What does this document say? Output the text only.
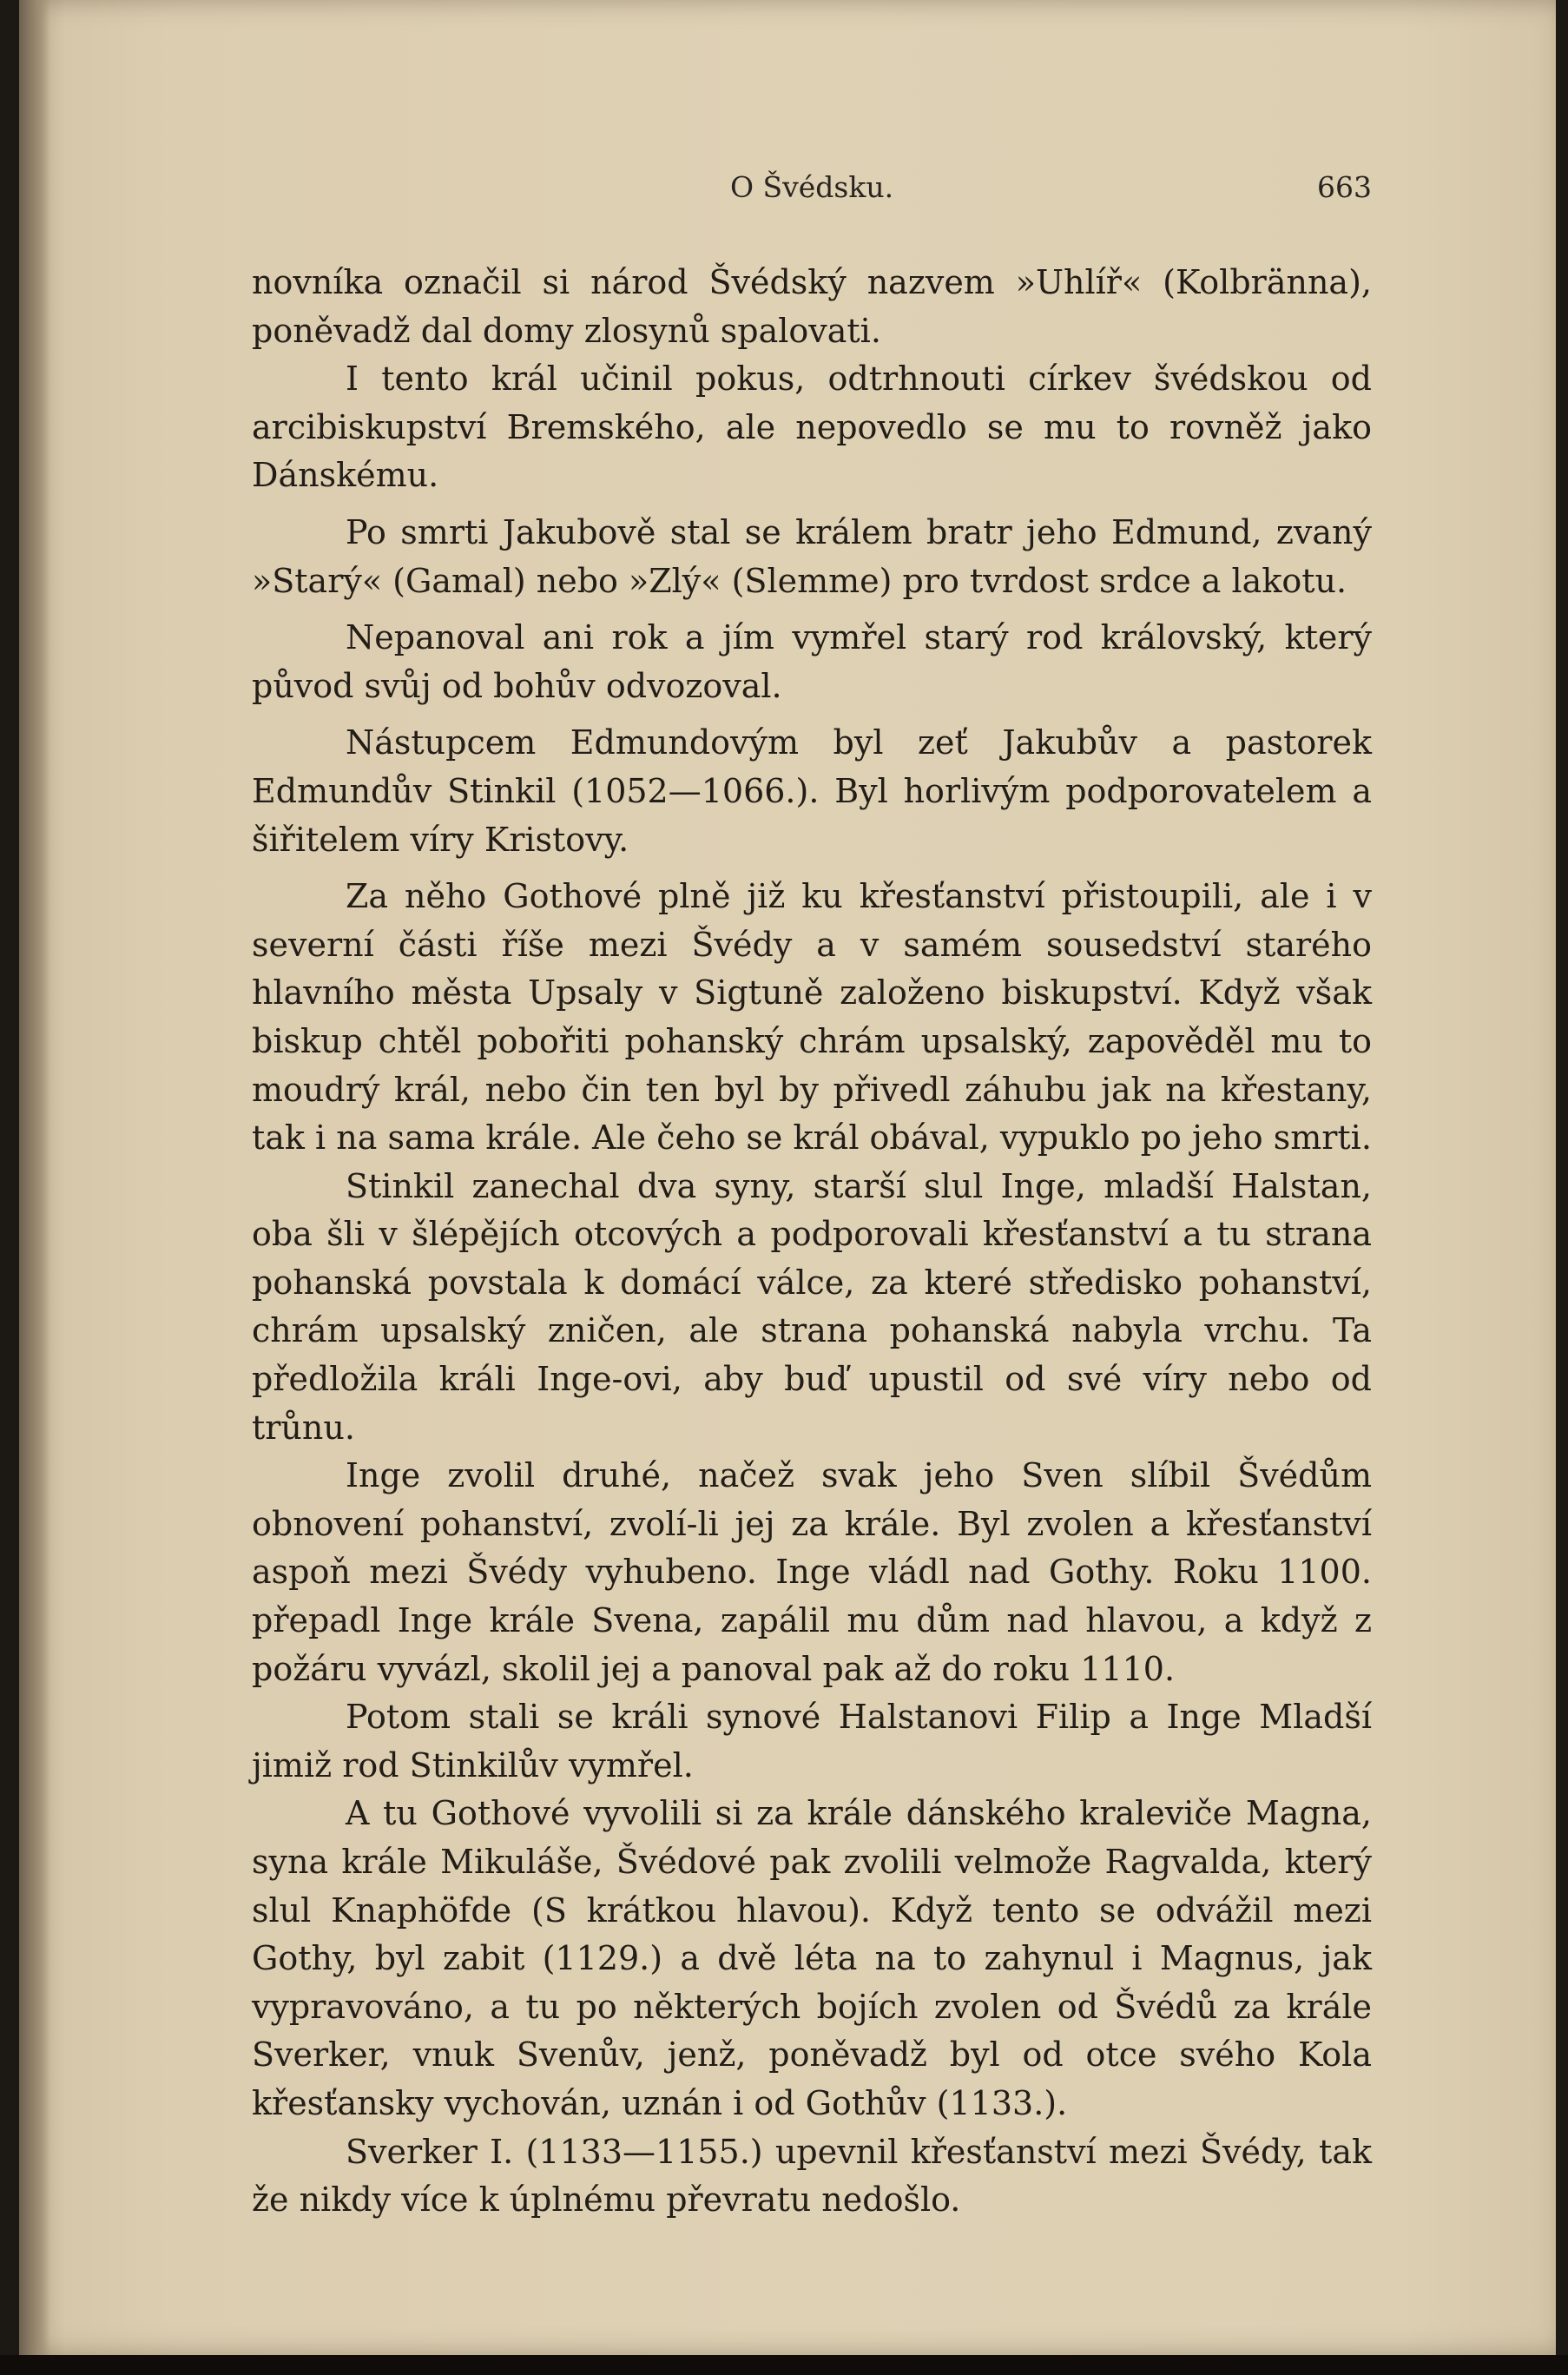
O Švédsku.	663

novníka označil si národ Švédský nazvem »Uhlíř« (Kolbränna), poněvadž dal domy zlosynů spalovati.

I tento král učinil pokus, odtrhnouti církev švédskou od arcibiskupství Bremského, ale nepovedlo se mu to rovněž jako Dánskému.

Po smrti Jakubově stal se králem bratr jeho Edmund, zvaný »Starý« (Gamal) nebo »Zlý« (Slemme) pro tvrdost srdce a lakotu.

Nepanoval ani rok a jím vymřel starý rod královský, který původ svůj od bohův odvozoval.

Nástupcem Edmundovým byl zeť Jakubův a pastorek Edmundův Stinkil (1052—1066.). Byl horlivým podporovatelem a šiřitelem víry Kristovy.

Za něho Gothové plně již ku křesťanství přistoupili, ale i v severní části říše mezi Švédy a v samém sousedství starého hlavního města Upsaly v Sigtuně založeno biskupství. Když však biskup chtěl pobořiti pohanský chrám upsalský, zapověděl mu to moudrý král, nebo čin ten byl by přivedl záhubu jak na křestany, tak i na sama krále. Ale čeho se král obával, vypuklo po jeho smrti.

Stinkil zanechal dva syny, starší slul Inge, mladší Halstan, oba šli v šlépějích otcových a podporovali křesťanství a tu strana pohanská povstala k domácí válce, za které středisko pohanství, chrám upsalský zničen, ale strana pohanská nabyla vrchu. Ta předložila králi Inge-ovi, aby buď upustil od své víry nebo od trůnu.

Inge zvolil druhé, načež svak jeho Sven slíbil Švédům obnovení pohanství, zvolí-li jej za krále. Byl zvolen a křesťanství aspoň mezi Švédy vyhubeno. Inge vládl nad Gothy. Roku 1100. přepadl Inge krále Svena, zapálil mu dům nad hlavou, a když z požáru vyvázl, skolil jej a panoval pak až do roku 1110.

Potom stali se králi synové Halstanovi Filip a Inge Mladší jimiž rod Stinkilův vymřel.

A tu Gothové vyvolili si za krále dánského kraleviče Magna, syna krále Mikuláše, Švédové pak zvolili velmože Ragvalda, který slul Knaphöfde (S krátkou hlavou). Když tento se odvážil mezi Gothy, byl zabit (1129.) a dvě léta na to zahynul i Magnus, jak vypravováno, a tu po některých bojích zvolen od Švédů za krále Sverker, vnuk Svenův, jenž, poněvadž byl od otce svého Kola křesťansky vychován, uznán i od Gothův (1133.).

Sverker I. (1133—1155.) upevnil křesťanství mezi Švédy, tak že nikdy více k úplnému převratu nedošlo.
